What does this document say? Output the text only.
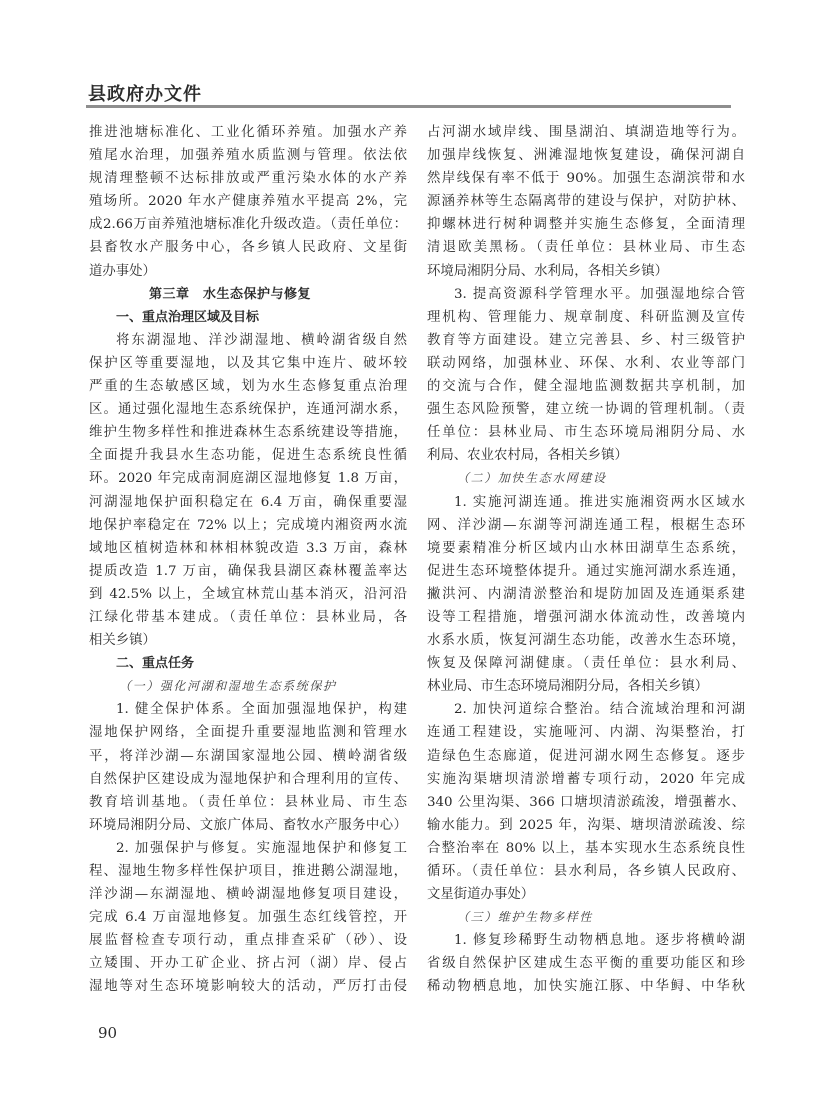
县政府办文件
推进池塘标准化、工业化循环养殖。加强水产养
殖尾水治理，加强养殖水质监测与管理。依法依
规清理整顿不达标排放或严重污染水体的水产养
殖场所。2020 年水产健康养殖水平提高 2%，完
成2.66万亩养殖池塘标准化升级改造。（责任单位：
县畜牧水产服务中心，各乡镇人民政府、文星街
道办事处）
第三章　水生态保护与修复
一、重点治理区域及目标
将东湖湿地、洋沙湖湿地、横岭湖省级自然
保护区等重要湿地，以及其它集中连片、破坏较
严重的生态敏感区域，划为水生态修复重点治理
区。通过强化湿地生态系统保护，连通河湖水系，
维护生物多样性和推进森林生态系统建设等措施，
全面提升我县水生态功能，促进生态系统良性循
环。2020 年完成南洞庭湖区湿地修复 1.8 万亩，
河湖湿地保护面积稳定在 6.4 万亩，确保重要湿
地保护率稳定在 72% 以上；完成境内湘资两水流
域地区植树造林和林相林貌改造 3.3 万亩，森林
提质改造 1.7 万亩，确保我县湖区森林覆盖率达
到 42.5% 以上，全域宜林荒山基本消灭，沿河沿
江绿化带基本建成。（责任单位：县林业局，各
相关乡镇）
二、重点任务
（一）强化河湖和湿地生态系统保护
1. 健全保护体系。全面加强湿地保护，构建
湿地保护网络，全面提升重要湿地监测和管理水
平，将洋沙湖—东湖国家湿地公园、横岭湖省级
自然保护区建设成为湿地保护和合理利用的宣传、
教育培训基地。（责任单位：县林业局、市生态
环境局湘阴分局、文旅广体局、畜牧水产服务中心）
2. 加强保护与修复。实施湿地保护和修复工
程、湿地生物多样性保护项目，推进鹅公湖湿地，
洋沙湖—东湖湿地、横岭湖湿地修复项目建设，
完成 6.4 万亩湿地修复。加强生态红线管控，开
展监督检查专项行动，重点排查采矿（砂）、设
立矮围、开办工矿企业、挤占河（湖）岸、侵占
湿地等对生态环境影响较大的活动，严厉打击侵
占河湖水域岸线、围垦湖泊、填湖造地等行为。
加强岸线恢复、洲滩湿地恢复建设，确保河湖自
然岸线保有率不低于 90%。加强生态湖滨带和水
源涵养林等生态隔离带的建设与保护，对防护林、
抑螺林进行树种调整并实施生态修复，全面清理
清退欧美黑杨。（责任单位：县林业局、市生态
环境局湘阴分局、水利局，各相关乡镇）
3. 提高资源科学管理水平。加强湿地综合管
理机构、管理能力、规章制度、科研监测及宣传
教育等方面建设。建立完善县、乡、村三级管护
联动网络，加强林业、环保、水利、农业等部门
的交流与合作，健全湿地监测数据共享机制，加
强生态风险预警，建立统一协调的管理机制。（责
任单位：县林业局、市生态环境局湘阴分局、水
利局、农业农村局，各相关乡镇）
（二）加快生态水网建设
1. 实施河湖连通。推进实施湘资两水区域水
网、洋沙湖—东湖等河湖连通工程，根椐生态环
境要素精准分析区域内山水林田湖草生态系统，
促进生态环境整体提升。通过实施河湖水系连通，
撇洪河、内湖清淤整治和堤防加固及连通渠系建
设等工程措施，增强河湖水体流动性，改善境内
水系水质，恢复河湖生态功能，改善水生态环境，
恢复及保障河湖健康。（责任单位：县水利局、
林业局、市生态环境局湘阴分局，各相关乡镇）
2. 加快河道综合整治。结合流域治理和河湖
连通工程建设，实施哑河、内湖、沟渠整治，打
造绿色生态廊道，促进河湖水网生态修复。逐步
实施沟渠塘坝清淤增蓄专项行动，2020 年完成
340 公里沟渠、366 口塘坝清淤疏浚，增强蓄水、
输水能力。到 2025 年，沟渠、塘坝清淤疏浚、综
合整治率在 80% 以上，基本实现水生态系统良性
循环。（责任单位：县水利局，各乡镇人民政府、
文星街道办事处）
（三）维护生物多样性
1. 修复珍稀野生动物栖息地。逐步将横岭湖
省级自然保护区建成生态平衡的重要功能区和珍
稀动物栖息地，加快实施江豚、中华鲟、中华秋
90
